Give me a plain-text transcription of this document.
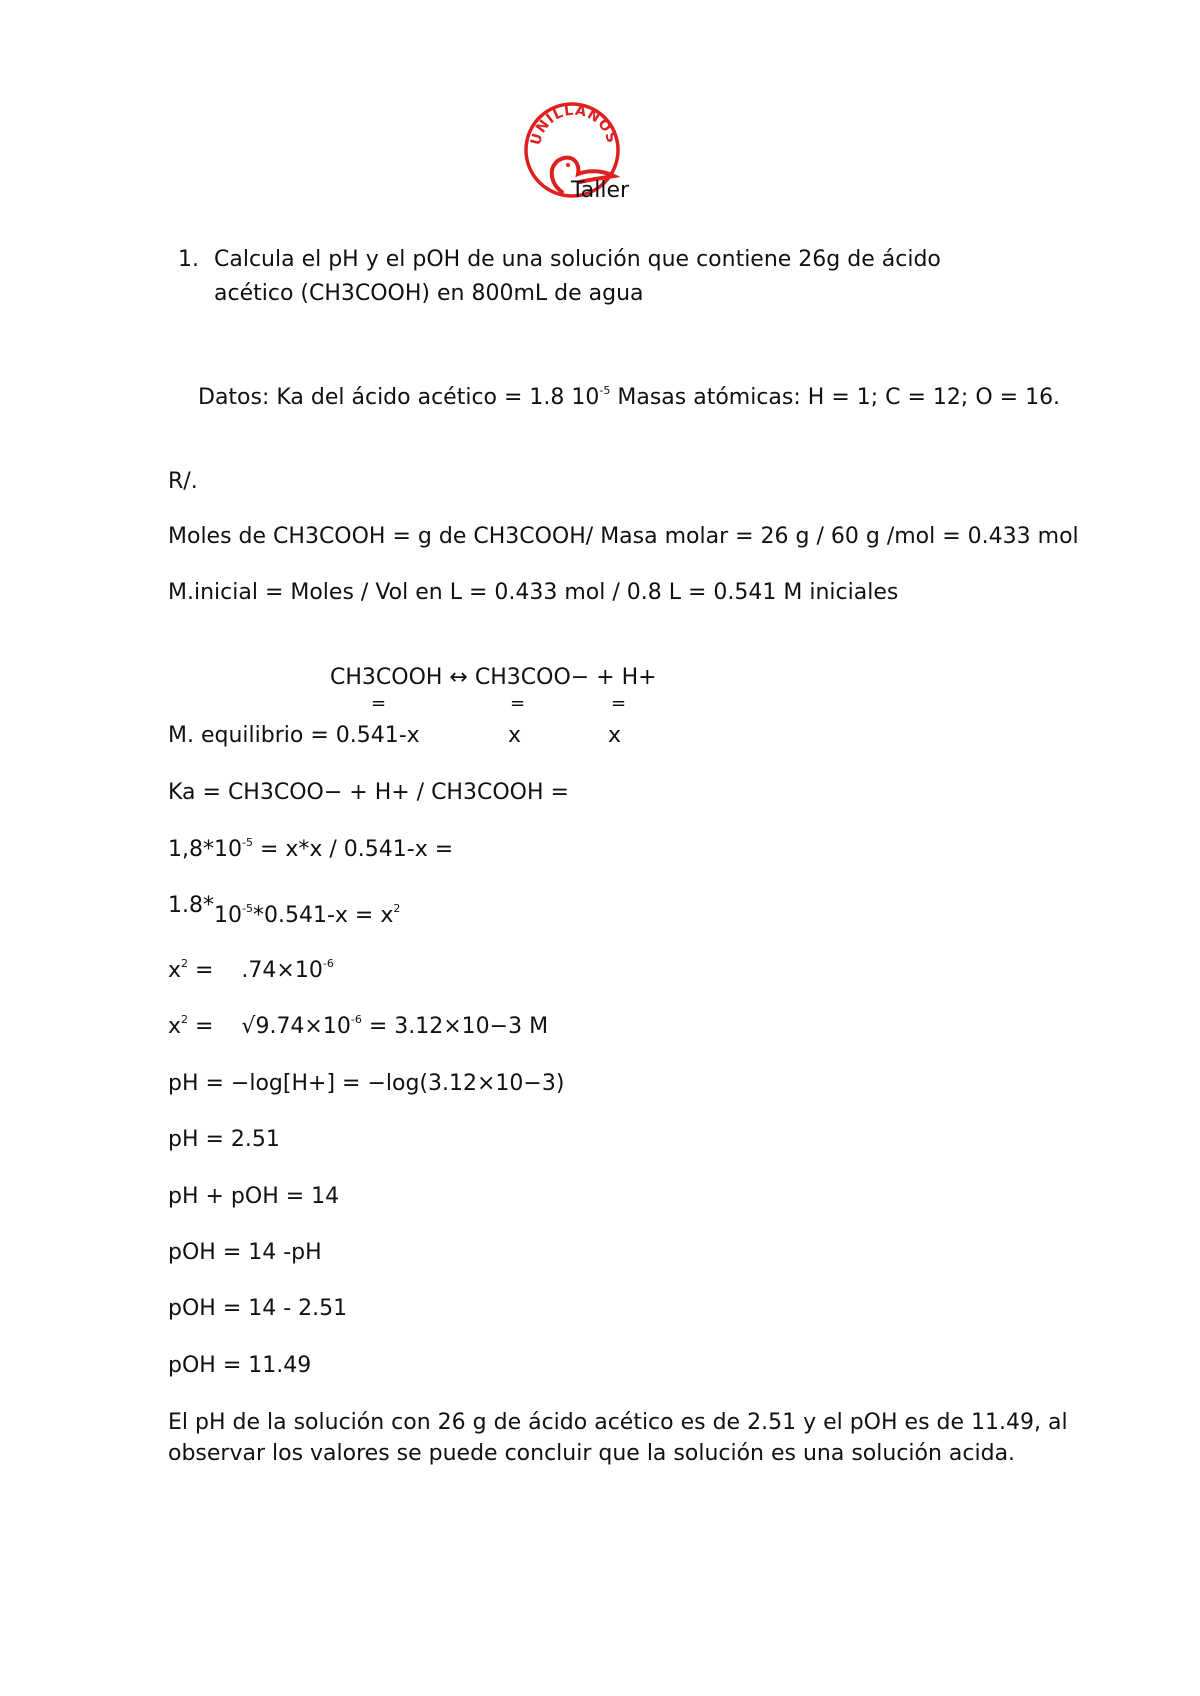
UNILLANOS
Taller
1. Calcula el pH y el pOH de una solución que contiene 26g de ácido
acético (CH3COOH) en 800mL de agua
Datos: Ka del ácido acético = 1.8 $10^{-5}$ Masas atómicas: H = 1; C = 12; O = 16.
R/.
Moles de CH3COOH = g de CH3COOH/ Masa molar = 26 g / 60 g /mol = 0.433 mol
M.inicial = Moles / Vol en L = 0.433 mol / 0.8 L = 0.541 M iniciales
CH3COOH ↔ CH3COO− + H+
=	=	=
M. equilibrio = 0.541-x	x	x
Ka = CH3COO− + H+ / CH3COOH =
$1,8*10^{-5} = x*x / 0.541-x$ =
$1.8*10^{-5}*0.541-x = x^2$
$x^2$ =    $.74\times 10^{-6}$
$x^2$ =    $√9.74\times 10^{-6} = 3.12\times 10-3$ M
pH = −log[H+] = −log(3.12×10−3)
pH = 2.51
pH + pOH = 14
pOH = 14 -pH
pOH = 14 - 2.51
pOH = 11.49
El pH de la solución con 26 g de ácido acético es de 2.51 y el pOH es de 11.49, al
observar los valores se puede concluir que la solución es una solución acida.
